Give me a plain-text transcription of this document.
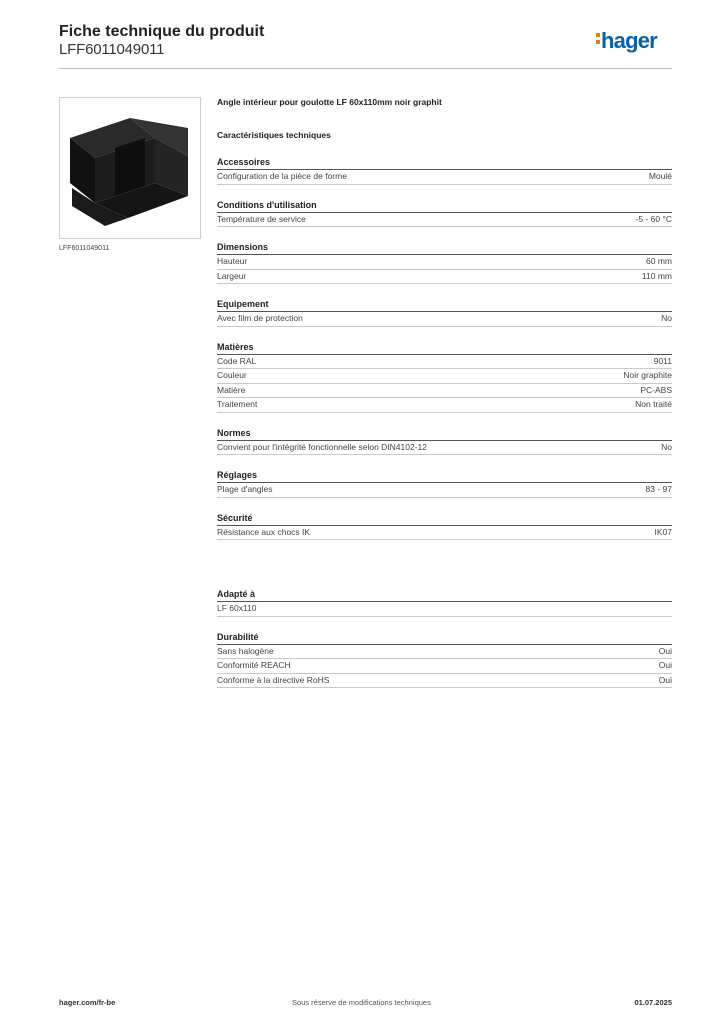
Fiche technique du produit
LFF6011049011	hager
LFF6011049011
Angle intérieur pour goulotte LF 60x110mm noir graphit
Caractéristiques techniques
Accessoires
Configuration de la pièce de forme	Moulé
Conditions d'utilisation
Température de service	-5 - 60 °C
Dimensions
Hauteur	60 mm
Largeur	110 mm
Equipement
Avec film de protection	No
Matières
Code RAL	9011
Couleur	Noir graphite
Matière	PC-ABS
Traitement	Non traité
Normes
Convient pour l'intégrité fonctionnelle selon DIN4102-12	No
Réglages
Plage d'angles	83 - 97
Sécurité
Résistance aux chocs IK	IK07
Adapté à
LF 60x110
Durabilité
Sans halogène	Oui
Conformité REACH	Oui
Conforme à la directive RoHS	Oui
hager.com/fr-be	Sous réserve de modifications techniques	01.07.2025
